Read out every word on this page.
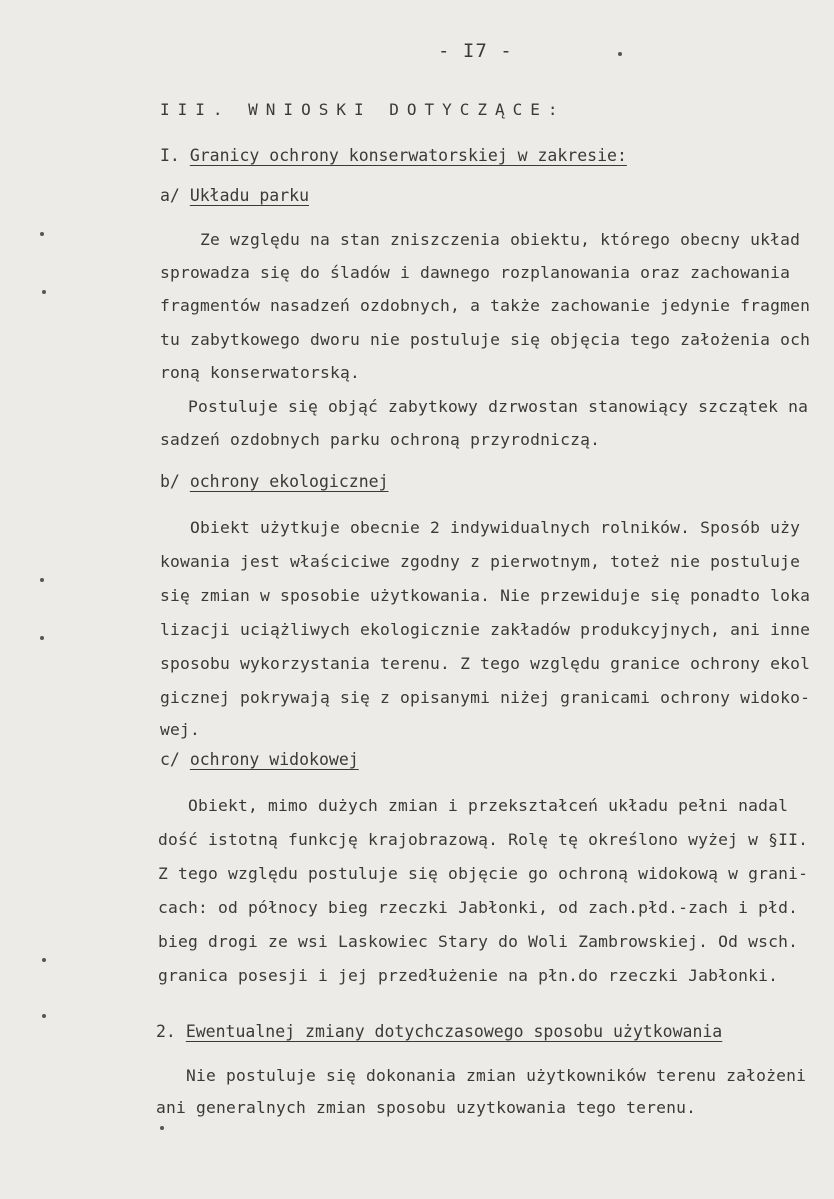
- I7 -
III. WNIOSKI DOTYCZĄCE:
I. Granicy ochrony konserwatorskiej w zakresie:
a/ Układu parku
Ze względu na stan zniszczenia obiektu, którego obecny układ
sprowadza się do śladów i dawnego rozplanowania oraz zachowania
fragmentów nasadzeń ozdobnych, a także zachowanie jedynie fragmen
tu zabytkowego dworu nie postuluje się objęcia tego założenia och
roną konserwatorską.
Postuluje się objąć zabytkowy dzrwostan stanowiący szczątek na
sadzeń ozdobnych parku ochroną przyrodniczą.
b/ ochrony ekologicznej
Obiekt użytkuje obecnie 2 indywidualnych rolników. Sposób uży
kowania jest właściciwe zgodny z pierwotnym, toteż nie postuluje
się zmian w sposobie użytkowania. Nie przewiduje się ponadto loka
lizacji uciążliwych ekologicznie zakładów produkcyjnych, ani inne
sposobu wykorzystania terenu. Z tego względu granice ochrony ekol
gicznej pokrywają się z opisanymi niżej granicami ochrony widoko-
wej.
c/ ochrony widokowej
Obiekt, mimo dużych zmian i przekształceń układu pełni nadal
dość istotną funkcję krajobrazową. Rolę tę określono wyżej w §II.
Z tego względu postuluje się objęcie go ochroną widokową w grani-
cach: od północy bieg rzeczki Jabłonki, od zach.płd.-zach i płd.
bieg drogi ze wsi Laskowiec Stary do Woli Zambrowskiej. Od wsch.
granica posesji i jej przedłużenie na płn.do rzeczki Jabłonki.
2. Ewentualnej zmiany dotychczasowego sposobu użytkowania
Nie postuluje się dokonania zmian użytkowników terenu założeni
ani generalnych zmian sposobu uzytkowania tego terenu.
